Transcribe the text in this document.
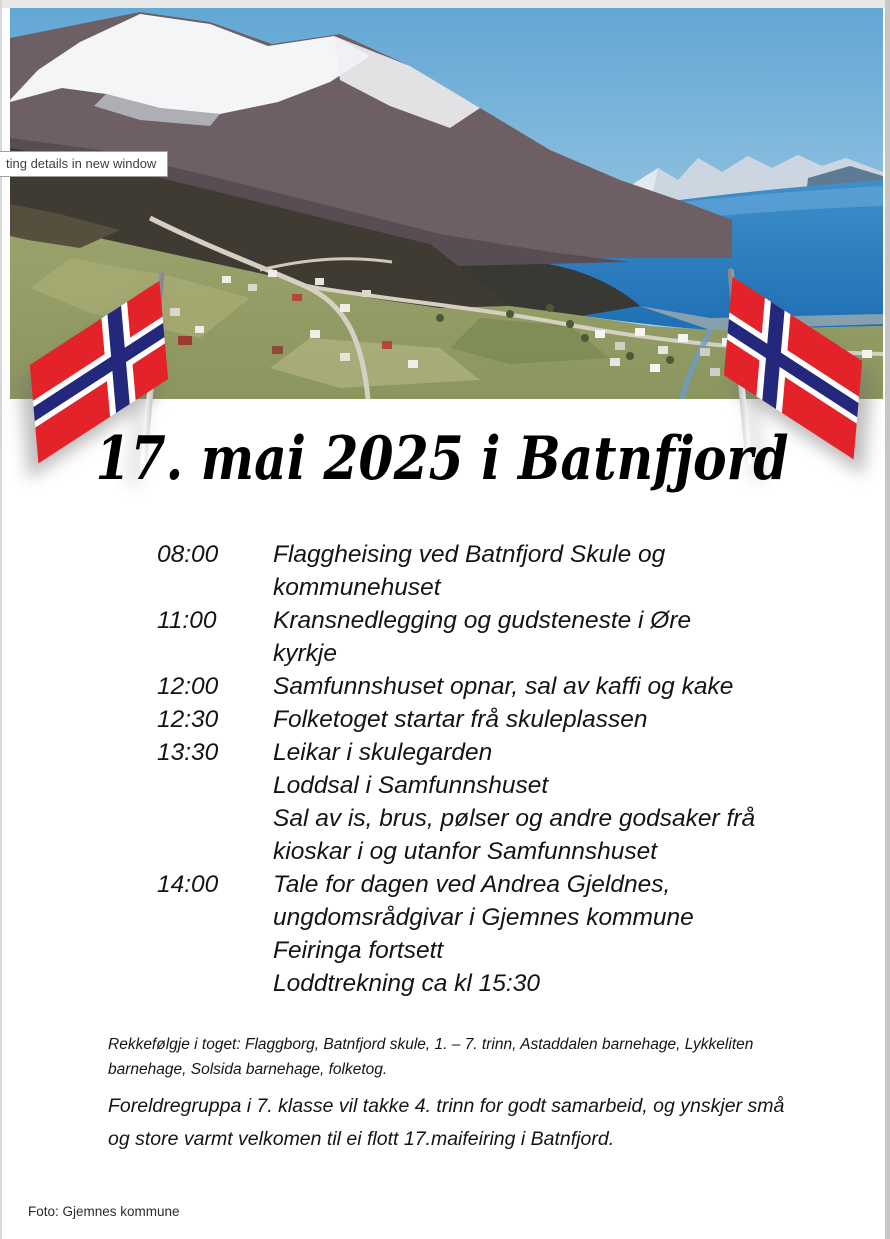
ting details in new window
17. mai 2025 i Batnfjord
08:00	Flaggheising ved Batnfjord Skule og
kommunehuset
11:00	Kransnedlegging og gudsteneste i Øre
kyrkje
12:00	Samfunnshuset opnar, sal av kaffi og kake
12:30	Folketoget startar frå skuleplassen
13:30	Leikar i skulegarden
Loddsal i Samfunnshuset
Sal av is, brus, pølser og andre godsaker frå
kioskar i og utanfor Samfunnshuset
14:00	Tale for dagen ved Andrea Gjeldnes,
ungdomsrådgivar i Gjemnes kommune
Feiringa fortsett
Loddtrekning ca kl 15:30
Rekkefølgje i toget: Flaggborg, Batnfjord skule, 1. – 7. trinn, Astaddalen barnehage, Lykkeliten barnehage, Solsida barnehage, folketog.
Foreldregruppa i 7. klasse vil takke 4. trinn for godt samarbeid, og ynskjer små og store varmt velkomen til ei flott 17.maifeiring i Batnfjord.
Foto: Gjemnes kommune
